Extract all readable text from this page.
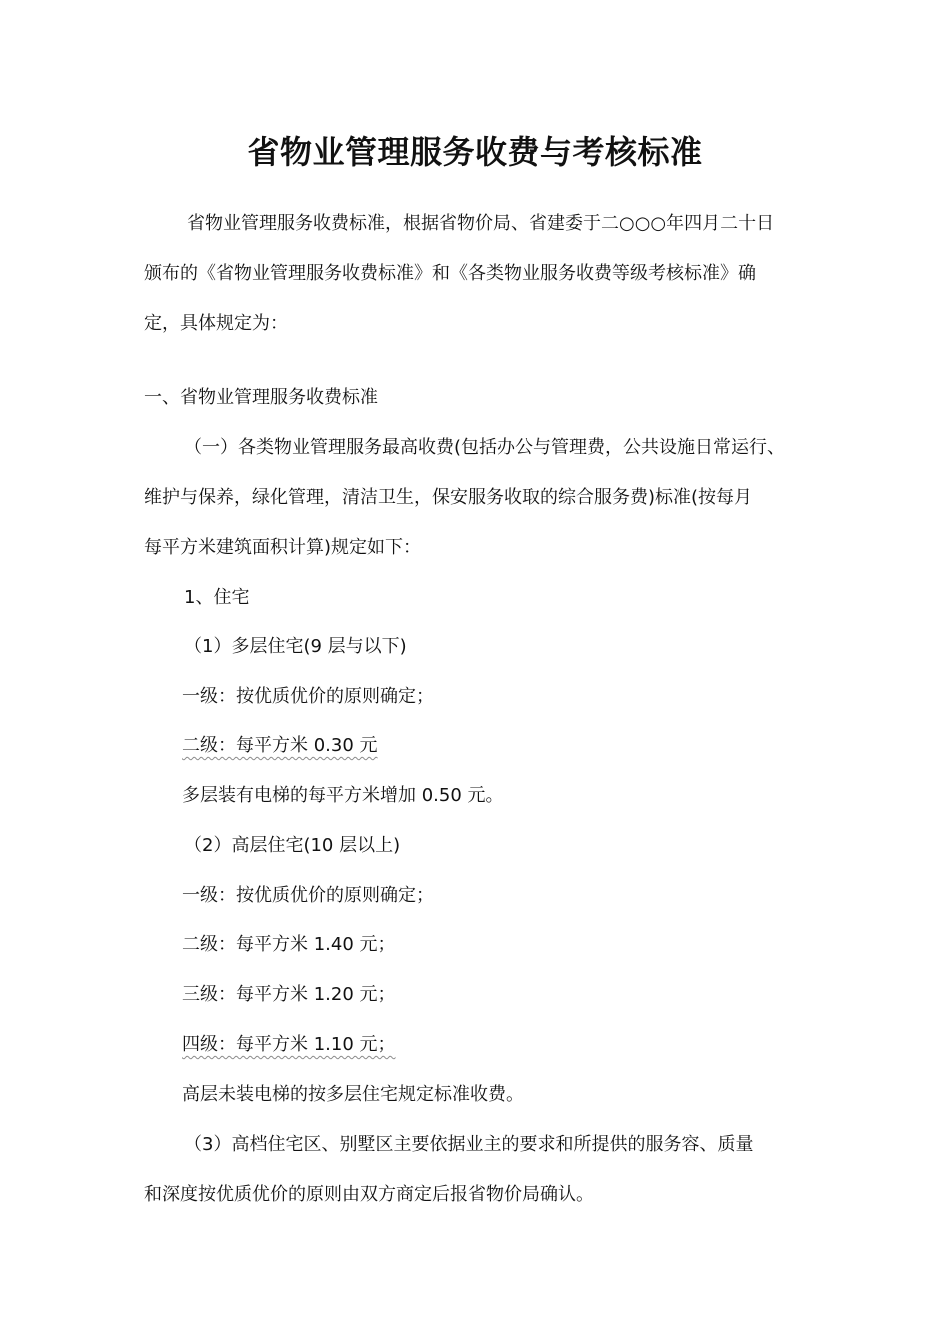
省物业管理服务收费与考核标准
省物业管理服务收费标准，根据省物价局、省建委于二○○○年四月二十日
颁布的《省物业管理服务收费标准》和《各类物业服务收费等级考核标准》确
定，具体规定为：
一、省物业管理服务收费标准
（一）各类物业管理服务最高收费(包括办公与管理费，公共设施日常运行、
维护与保养，绿化管理，清洁卫生，保安服务收取的综合服务费)标准(按每月
每平方米建筑面积计算)规定如下：
1、住宅
（1）多层住宅(9 层与以下)
一级：按优质优价的原则确定；
二级：每平方米 0.30 元
多层装有电梯的每平方米增加 0.50 元。
（2）高层住宅(10 层以上)
一级：按优质优价的原则确定；
二级：每平方米 1.40 元；
三级：每平方米 1.20 元；
四级：每平方米 1.10 元；
高层未装电梯的按多层住宅规定标准收费。
（3）高档住宅区、别墅区主要依据业主的要求和所提供的服务容、质量
和深度按优质优价的原则由双方商定后报省物价局确认。
